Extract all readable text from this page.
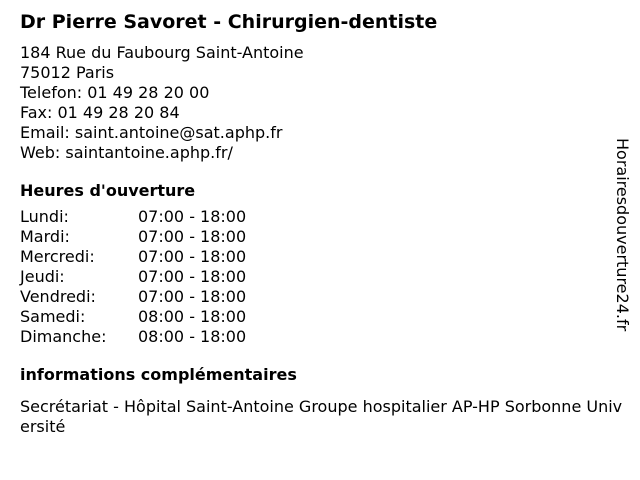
Dr Pierre Savoret - Chirurgien-dentiste
184 Rue du Faubourg Saint-Antoine
75012 Paris
Telefon: 01 49 28 20 00
Fax: 01 49 28 20 84
Email: saint.antoine@sat.aphp.fr
Web: saintantoine.aphp.fr/
Heures d'ouverture
Lundi:	07:00 - 18:00
Mardi:	07:00 - 18:00
Mercredi:	07:00 - 18:00
Jeudi:	07:00 - 18:00
Vendredi:	07:00 - 18:00
Samedi:	08:00 - 18:00
Dimanche:	08:00 - 18:00
informations complémentaires
Secrétariat - Hôpital Saint-Antoine Groupe hospitalier AP-HP Sorbonne Université
Horairesdouverture24.fr
